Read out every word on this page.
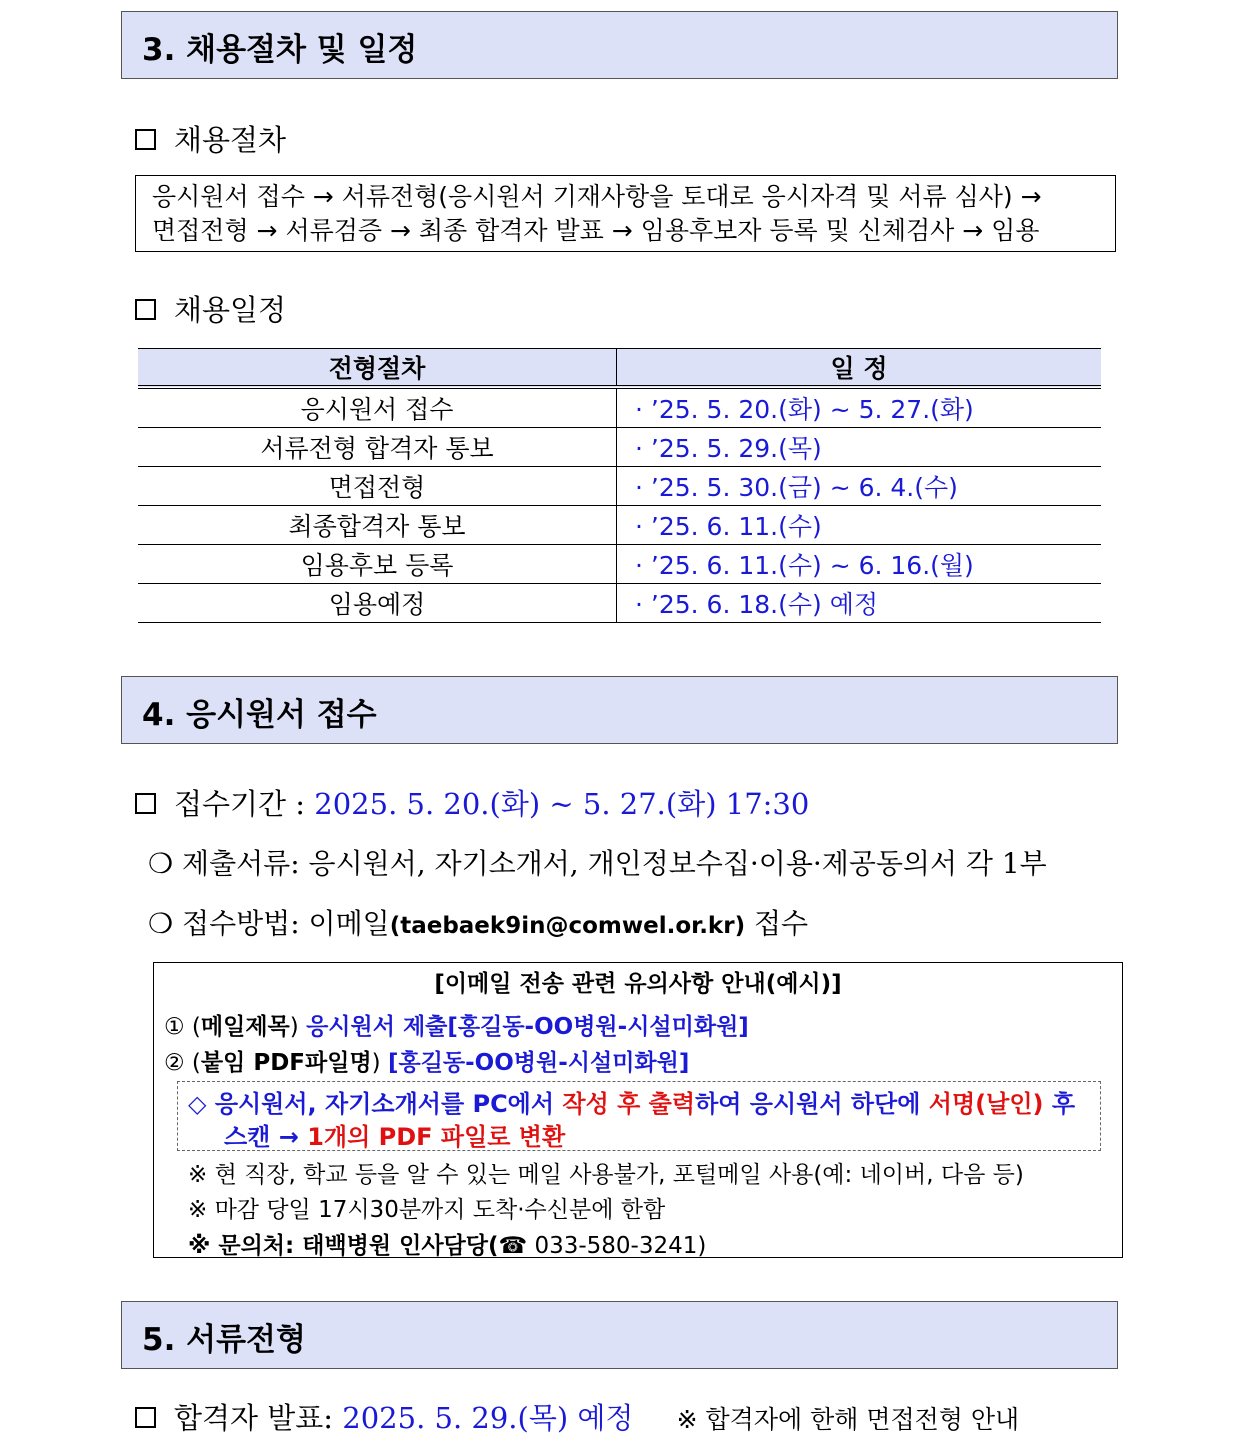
3. 채용절차 및 일정
채용절차
응시원서 접수 → 서류전형(응시원서 기재사항을 토대로 응시자격 및 서류 심사) →
면접전형 → 서류검증 → 최종 합격자 발표 → 임용후보자 등록 및 신체검사 → 임용
채용일정
전형절차	일 정
응시원서 접수	· ’25. 5. 20.(화) ~ 5. 27.(화)
서류전형 합격자 통보	· ’25. 5. 29.(목)
면접전형	· ’25. 5. 30.(금) ~ 6. 4.(수)
최종합격자 통보	· ’25. 6. 11.(수)
임용후보 등록	· ’25. 6. 11.(수) ~ 6. 16.(월)
임용예정	· ’25. 6. 18.(수) 예정
4. 응시원서 접수
접수기간 : 2025. 5. 20.(화) ~ 5. 27.(화) 17:30
❍ 제출서류: 응시원서, 자기소개서, 개인정보수집·이용·제공동의서 각 1부
❍ 접수방법: 이메일(taebaek9in@comwel.or.kr) 접수
[이메일 전송 관련 유의사항 안내(예시)]
① (메일제목) 응시원서 제출[홍길동-OO병원-시설미화원]
② (붙임 PDF파일명) [홍길동-OO병원-시설미화원]
◇ 응시원서, 자기소개서를 PC에서 작성 후 출력하여 응시원서 하단에 서명(날인) 후
스캔 → 1개의 PDF 파일로 변환
※ 현 직장, 학교 등을 알 수 있는 메일 사용불가, 포털메일 사용(예: 네이버, 다음 등)
※ 마감 당일 17시30분까지 도착·수신분에 한함
※ 문의처: 태백병원 인사담당(☎ 033-580-3241)
5. 서류전형
합격자 발표: 2025. 5. 29.(목) 예정 ※ 합격자에 한해 면접전형 안내
